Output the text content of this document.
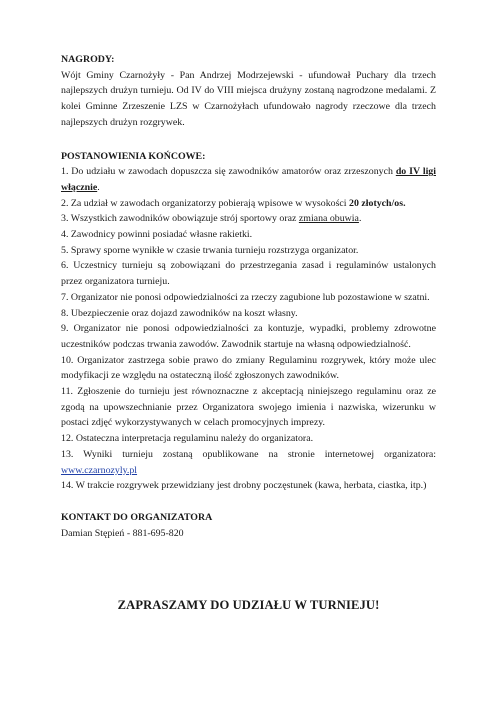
NAGRODY:

Wójt Gminy Czarnożyły - Pan Andrzej Modrzejewski - ufundował Puchary dla trzech najlepszych drużyn turnieju. Od IV do VIII miejsca drużyny zostaną nagrodzone medalami. Z kolei Gminne Zrzeszenie LZS w Czarnożyłach ufundowało nagrody rzeczowe dla trzech najlepszych drużyn rozgrywek.

POSTANOWIENIA KOŃCOWE:

1. Do udziału w zawodach dopuszcza się zawodników amatorów oraz zrzeszonych do IV ligi włącznie.
2. Za udział w zawodach organizatorzy pobierają wpisowe w wysokości 20 złotych/os.
3. Wszystkich zawodników obowiązuje strój sportowy oraz zmiana obuwia.
4. Zawodnicy powinni posiadać własne rakietki.
5. Sprawy sporne wynikłe w czasie trwania turnieju rozstrzyga organizator.
6. Uczestnicy turnieju są zobowiązani do przestrzegania zasad i regulaminów ustalonych przez organizatora turnieju.
7. Organizator nie ponosi odpowiedzialności za rzeczy zagubione lub pozostawione w szatni.
8. Ubezpieczenie oraz dojazd zawodników na koszt własny.
9. Organizator nie ponosi odpowiedzialności za kontuzje, wypadki, problemy zdrowotne uczestników podczas trwania zawodów. Zawodnik startuje na własną odpowiedzialność.
10. Organizator zastrzega sobie prawo do zmiany Regulaminu rozgrywek, który może ulec modyfikacji ze względu na ostateczną ilość zgłoszonych zawodników.
11. Zgłoszenie do turnieju jest równoznaczne z akceptacją niniejszego regulaminu oraz ze zgodą na upowszechnianie przez Organizatora swojego imienia i nazwiska, wizerunku w postaci zdjęć wykorzystywanych w celach promocyjnych imprezy.
12. Ostateczna interpretacja regulaminu należy do organizatora.
13. Wyniki turnieju zostaną opublikowane na stronie internetowej organizatora: www.czarnozyly.pl
14. W trakcie rozgrywek przewidziany jest drobny poczęstunek (kawa, herbata, ciastka, itp.)

KONTAKT DO ORGANIZATORA

Damian Stępień - 881-695-820

ZAPRASZAMY DO UDZIAŁU W TURNIEJU!
